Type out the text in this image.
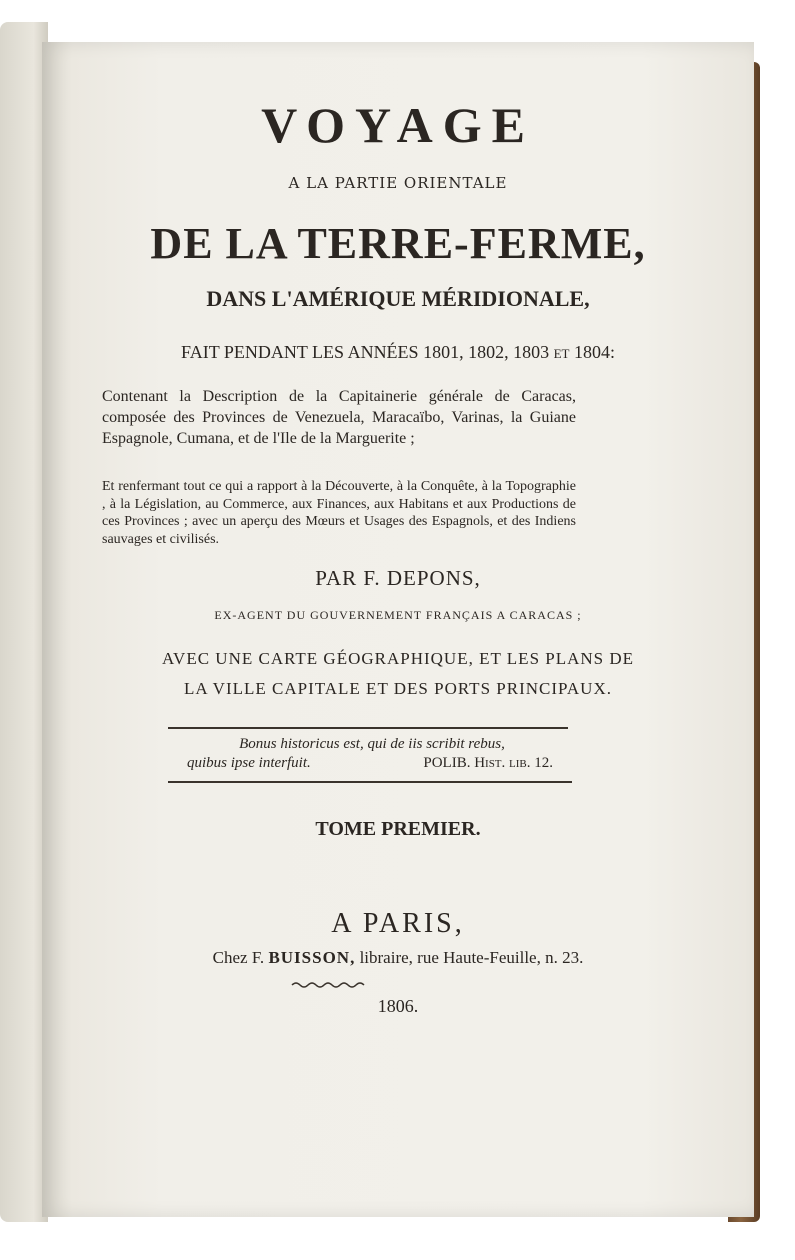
VOYAGE
A LA PARTIE ORIENTALE
DE LA TERRE-FERME,
DANS L'AMÉRIQUE MÉRIDIONALE,
FAIT PENDANT LES ANNÉES 1801, 1802, 1803 et 1804:
Contenant la Description de la Capitainerie générale de Caracas, composée des Provinces de Venezuela, Maracaïbo, Varinas, la Guiane Espagnole, Cumana, et de l'Ile de la Marguerite ;
Et renfermant tout ce qui a rapport à la Découverte, à la Conquête, à la Topographie , à la Législation, au Commerce, aux Finances, aux Habitans et aux Productions de ces Provinces ; avec un aperçu des Mœurs et Usages des Espagnols, et des Indiens sauvages et civilisés.
PAR F. DEPONS,
EX-AGENT DU GOUVERNEMENT FRANÇAIS A CARACAS ;
AVEC UNE CARTE GÉOGRAPHIQUE, ET LES PLANS DE
LA VILLE CAPITALE ET DES PORTS PRINCIPAUX.
Bonus historicus est, qui de iis scribit rebus,
quibus ipse interfuit.	POLIB. Hist. lib. 12.
TOME PREMIER.
A PARIS,
Chez F. BUISSON, libraire, rue Haute-Feuille, n. 23.
1806.
